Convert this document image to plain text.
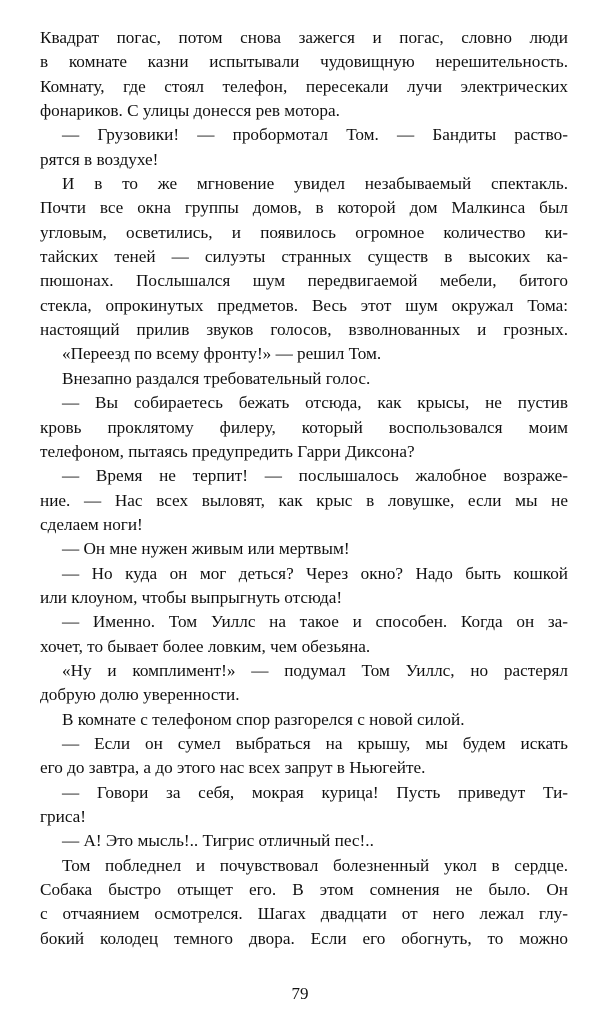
Квадрат погас, потом снова зажегся и погас, словно люди
в комнате казни испытывали чудовищную нерешительность.
Комнату, где стоял телефон, пересекали лучи электрических
фонариков. С улицы донесся рев мотора.
— Грузовики! — пробормотал Том. — Бандиты раство-
рятся в воздухе!
И в то же мгновение увидел незабываемый спектакль.
Почти все окна группы домов, в которой дом Малкинса был
угловым, осветились, и появилось огромное количество ки-
тайских теней — силуэты странных существ в высоких ка-
пюшонах. Послышался шум передвигаемой мебели, битого
стекла, опрокинутых предметов. Весь этот шум окружал Тома:
настоящий прилив звуков голосов, взволнованных и грозных.
«Переезд по всему фронту!» — решил Том.
Внезапно раздался требовательный голос.
— Вы собираетесь бежать отсюда, как крысы, не пустив
кровь проклятому филеру, который воспользовался моим
телефоном, пытаясь предупредить Гарри Диксона?
— Время не терпит! — послышалось жалобное возраже-
ние. — Нас всех выловят, как крыс в ловушке, если мы не
сделаем ноги!
— Он мне нужен живым или мертвым!
— Но куда он мог деться? Через окно? Надо быть кошкой
или клоуном, чтобы выпрыгнуть отсюда!
— Именно. Том Уиллс на такое и способен. Когда он за-
хочет, то бывает более ловким, чем обезьяна.
«Ну и комплимент!» — подумал Том Уиллс, но растерял
добрую долю уверенности.
В комнате с телефоном спор разгорелся с новой силой.
— Если он сумел выбраться на крышу, мы будем искать
его до завтра, а до этого нас всех запрут в Ньюгейте.
— Говори за себя, мокрая курица! Пусть приведут Ти-
гриса!
— А! Это мысль!.. Тигрис отличный пес!..
Том побледнел и почувствовал болезненный укол в сердце.
Собака быстро отыщет его. В этом сомнения не было. Он
с отчаянием осмотрелся. Шагах двадцати от него лежал глу-
бокий колодец темного двора. Если его обогнуть, то можно
79
